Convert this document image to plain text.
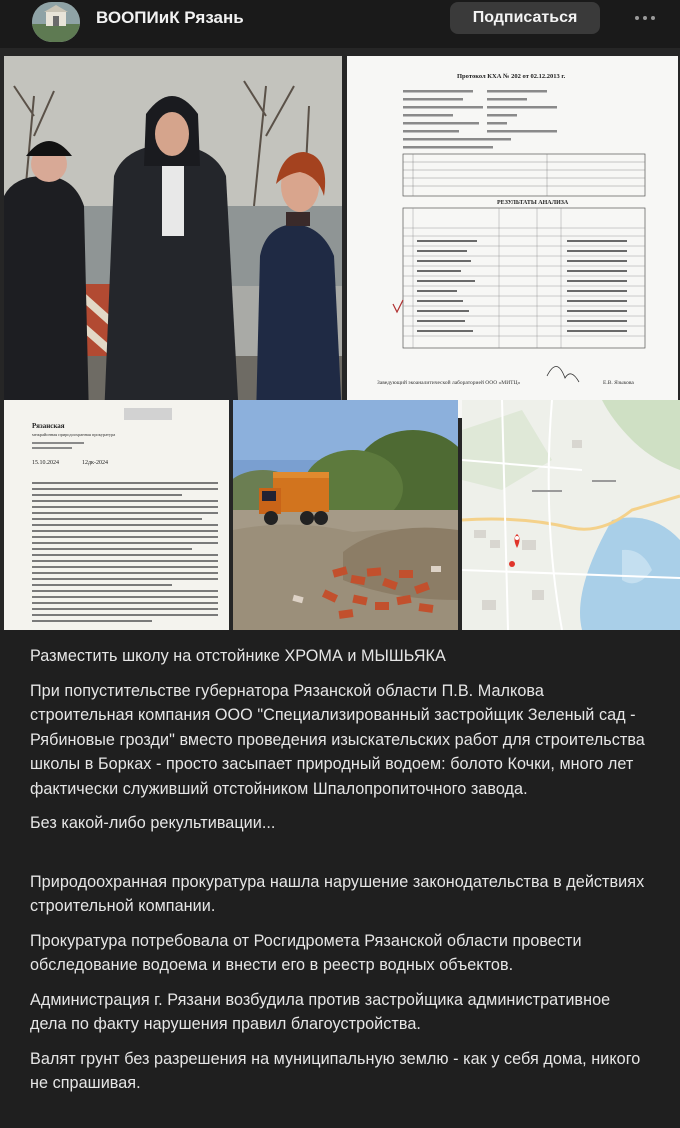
ВООПИиК Рязань	Подписаться
Протокол КХА № 202 от 02.12.2013 г.
РЕЗУЛЬТАТЫ АНАЛИЗА
Заведующий экоаналитической лабораторией ООО «МИТЦ»	Е.В. Языкова
Рязанская
межрайонная природоохранная прокуратура
15.10.2024	12дк-2024

Разместить школу на отстойнике ХРОМА и МЫШЬЯКА

При попустительстве губернатора Рязанской области П.В. Малкова строительная компания ООО "Специализированный застройщик Зеленый сад - Рябиновые грозди" вместо проведения изыскательских работ для строительства школы в Борках - просто засыпает природный водоем: болото Кочки, много лет фактически служивший отстойником Шпалопропиточного завода.

Без какой-либо рекультивации...

Природоохранная прокуратура нашла нарушение законодательства в действиях строительной компании.

Прокуратура потребовала от Росгидромета Рязанской области провести обследование водоема и внести его в реестр водных объектов.

Администрация г. Рязани возбудила против застройщика административное дела по факту нарушения правил благоустройства.

Валят грунт без разрешения на муниципальную землю - как у себя дома, никого не спрашивая.
